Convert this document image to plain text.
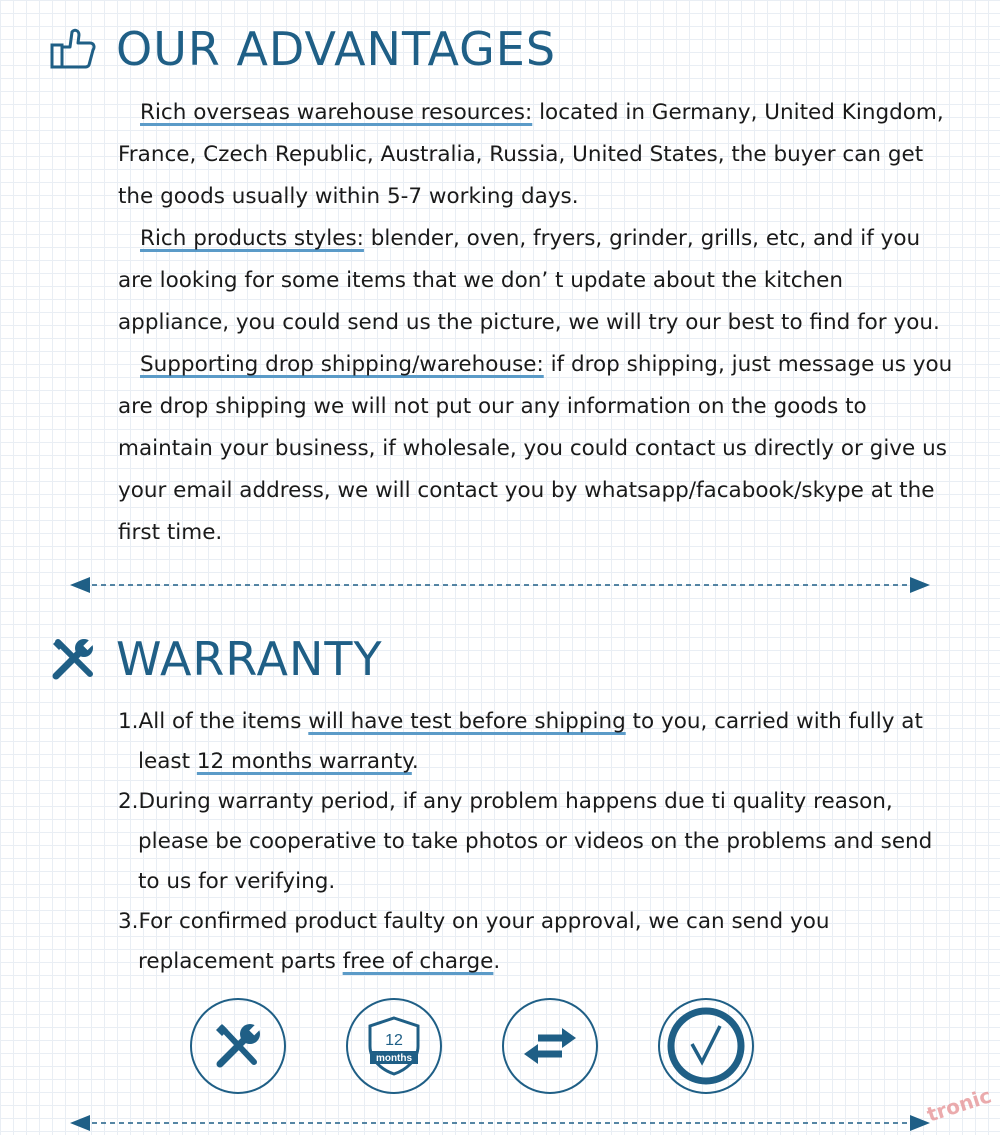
OUR ADVANTAGES
Rich overseas warehouse resources: located in Germany, United Kingdom, France, Czech Republic, Australia, Russia, United States, the buyer can get the goods usually within 5-7 working days.
Rich products styles: blender, oven, fryers, grinder, grills, etc, and if you are looking for some items that we don’ t update about the kitchen appliance, you could send us the picture, we will try our best to find for you.
Supporting drop shipping/warehouse: if drop shipping, just message us you are drop shipping we will not put our any information on the goods to maintain your business, if wholesale, you could contact us directly or give us your email address, we will contact you by whatsapp/facabook/skype at the first time.
WARRANTY
1.All of the items will have test before shipping to you, carried with fully at least 12 months warranty.
2.During warranty period, if any problem happens due ti quality reason, please be cooperative to take photos or videos on the problems and send to us for verifying.
3.For confirmed product faulty on your approval, we can send you replacement parts free of charge.
12
months
tronic
